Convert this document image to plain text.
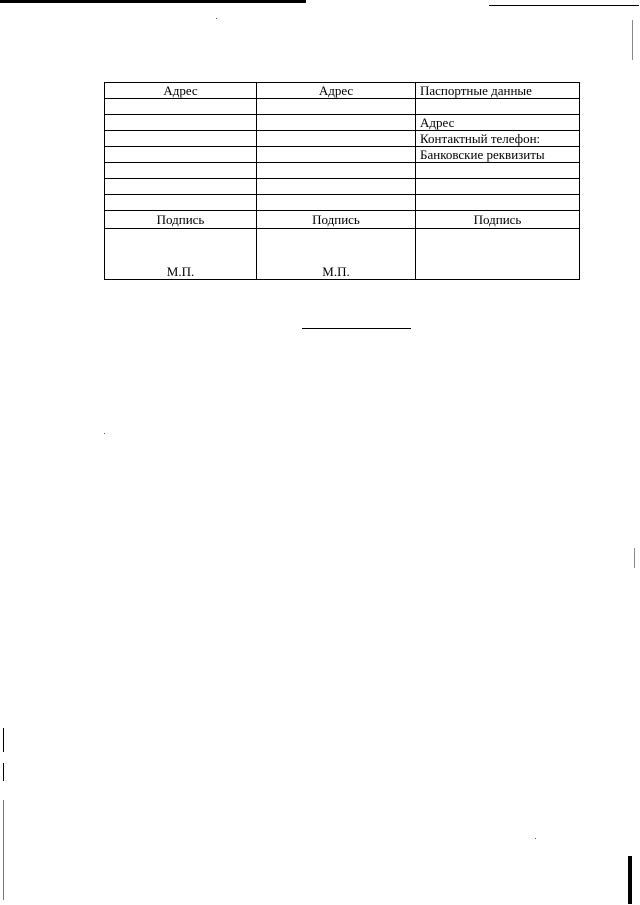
Адрес	Адрес	Паспортные данные

		Адрес
		Контактный телефон:
		Банковские реквизиты

Подпись	Подпись	Подпись

М.П.	М.П.	
